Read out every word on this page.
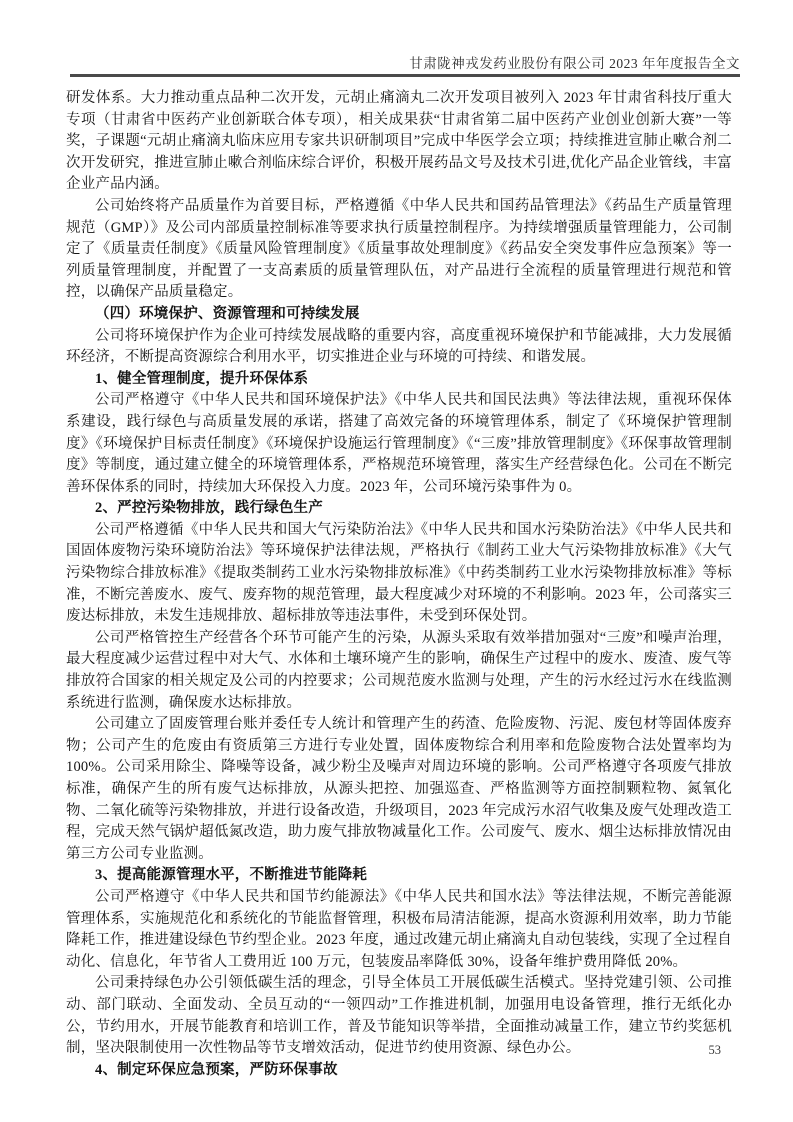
甘肃陇神戎发药业股份有限公司 2023 年年度报告全文
研发体系。大力推动重点品种二次开发，元胡止痛滴丸二次开发项目被列入 2023 年甘肃省科技厅重大专项（甘肃省中医药产业创新联合体专项），相关成果获“甘肃省第二届中医药产业创业创新大赛”一等奖，子课题“元胡止痛滴丸临床应用专家共识研制项目”完成中华医学会立项；持续推进宣肺止嗽合剂二次开发研究，推进宣肺止嗽合剂临床综合评价，积极开展药品文号及技术引进,优化产品企业管线，丰富企业产品内涵。
公司始终将产品质量作为首要目标，严格遵循《中华人民共和国药品管理法》《药品生产质量管理规范（GMP）》及公司内部质量控制标准等要求执行质量控制程序。为持续增强质量管理能力，公司制定了《质量责任制度》《质量风险管理制度》《质量事故处理制度》《药品安全突发事件应急预案》等一列质量管理制度，并配置了一支高素质的质量管理队伍，对产品进行全流程的质量管理进行规范和管控，以确保产品质量稳定。
（四）环境保护、资源管理和可持续发展
公司将环境保护作为企业可持续发展战略的重要内容，高度重视环境保护和节能减排，大力发展循环经济，不断提高资源综合利用水平，切实推进企业与环境的可持续、和谐发展。
1、健全管理制度，提升环保体系
公司严格遵守《中华人民共和国环境保护法》《中华人民共和国民法典》等法律法规，重视环保体系建设，践行绿色与高质量发展的承诺，搭建了高效完备的环境管理体系，制定了《环境保护管理制度》《环境保护目标责任制度》《环境保护设施运行管理制度》《“三废”排放管理制度》《环保事故管理制度》等制度，通过建立健全的环境管理体系，严格规范环境管理，落实生产经营绿色化。公司在不断完善环保体系的同时，持续加大环保投入力度。2023 年，公司环境污染事件为 0。
2、严控污染物排放，践行绿色生产
公司严格遵循《中华人民共和国大气污染防治法》《中华人民共和国水污染防治法》《中华人民共和国固体废物污染环境防治法》等环境保护法律法规，严格执行《制药工业大气污染物排放标准》《大气污染物综合排放标准》《提取类制药工业水污染物排放标准》《中药类制药工业水污染物排放标准》等标准，不断完善废水、废气、废弃物的规范管理，最大程度减少对环境的不利影响。2023 年，公司落实三废达标排放，未发生违规排放、超标排放等违法事件，未受到环保处罚。
公司严格管控生产经营各个环节可能产生的污染，从源头采取有效举措加强对“三废”和噪声治理，最大程度减少运营过程中对大气、水体和土壤环境产生的影响，确保生产过程中的废水、废渣、废气等排放符合国家的相关规定及公司的内控要求；公司规范废水监测与处理，产生的污水经过污水在线监测系统进行监测，确保废水达标排放。
公司建立了固废管理台账并委任专人统计和管理产生的药渣、危险废物、污泥、废包材等固体废弃物；公司产生的危废由有资质第三方进行专业处置，固体废物综合利用率和危险废物合法处置率均为 100%。公司采用除尘、降噪等设备，减少粉尘及噪声对周边环境的影响。公司严格遵守各项废气排放标准，确保产生的所有废气达标排放，从源头把控、加强巡查、严格监测等方面控制颗粒物、氮氧化物、二氧化硫等污染物排放，并进行设备改造，升级项目，2023 年完成污水沼气收集及废气处理改造工程，完成天然气锅炉超低氮改造，助力废气排放物减量化工作。公司废气、废水、烟尘达标排放情况由第三方公司专业监测。
3、提高能源管理水平，不断推进节能降耗
公司严格遵守《中华人民共和国节约能源法》《中华人民共和国水法》等法律法规，不断完善能源管理体系，实施规范化和系统化的节能监督管理，积极布局清洁能源，提高水资源利用效率，助力节能降耗工作，推进建设绿色节约型企业。2023 年度，通过改建元胡止痛滴丸自动包装线，实现了全过程自动化、信息化，年节省人工费用近 100 万元，包装废品率降低 30%，设备年维护费用降低 20%。
公司秉持绿色办公引领低碳生活的理念，引导全体员工开展低碳生活模式。坚持党建引领、公司推动、部门联动、全面发动、全员互动的“一领四动”工作推进机制，加强用电设备管理，推行无纸化办公，节约用水，开展节能教育和培训工作，普及节能知识等举措，全面推动减量工作，建立节约奖惩机制，坚决限制使用一次性物品等节支增效活动，促进节约使用资源、绿色办公。
4、制定环保应急预案，严防环保事故
53
